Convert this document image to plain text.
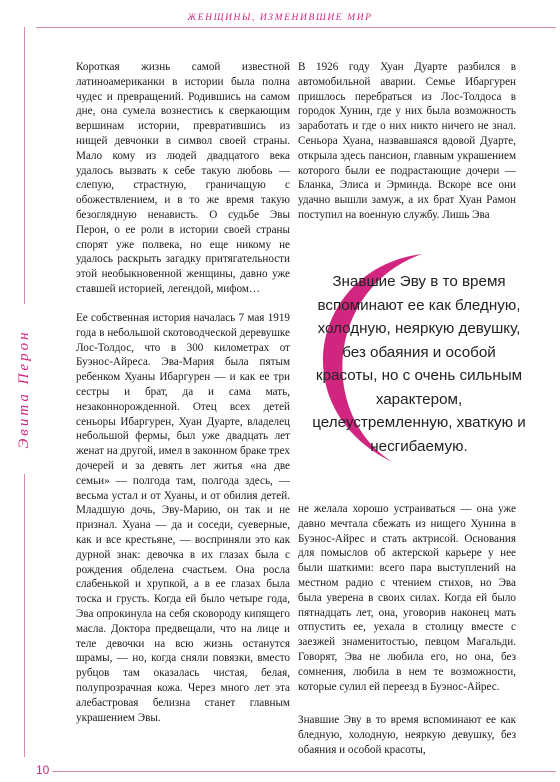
ЖЕНЩИНЫ, ИЗМЕНИВШИЕ МИР
Эвита Перон

Короткая жизнь самой известной латиноамериканки в истории была полна чудес и превращений. Родившись на самом дне, она сумела вознестись к сверкающим вершинам истории, превратившись из нищей девчонки в символ своей страны. Мало кому из людей двадцатого века удалось вызвать к себе такую любовь — слепую, страстную, граничащую с обожествлением, и в то же время такую безоглядную ненависть. О судьбе Эвы Перон, о ее роли в истории своей страны спорят уже полвека, но еще никому не удалось раскрыть загадку притягательности этой необыкновенной женщины, давно уже ставшей историей, легендой, мифом…

Ее собственная история началась 7 мая 1919 года в небольшой скотоводческой деревушке Лос-Толдос, что в 300 километрах от Буэнос-Айреса. Эва-Мария была пятым ребенком Хуаны Ибаргурен — и как ее три сестры и брат, да и сама мать, незаконнорожденной. Отец всех детей сеньоры Ибаргурен, Хуан Дуарте, владелец небольшой фермы, был уже двадцать лет женат на другой, имел в законном браке трех дочерей и за девять лет житья «на две семьи» — полгода там, полгода здесь, — весьма устал и от Хуаны, и от обилия детей. Младшую дочь, Эву-Марию, он так и не признал. Хуана — да и соседи, суеверные, как и все крестьяне, — восприняли это как дурной знак: девочка в их глазах была с рождения обделена счастьем. Она росла слабенькой и хрупкой, а в ее глазах была тоска и грусть. Когда ей было четыре года, Эва опрокинула на себя сковороду кипящего масла. Доктора предвещали, что на лице и теле девочки на всю жизнь останутся шрамы, — но, когда сняли повязки, вместо рубцов там оказалась чистая, белая, полупрозрачная кожа. Через много лет эта алебастровая белизна станет главным украшением Эвы.

В 1926 году Хуан Дуарте разбился в автомобильной аварии. Семье Ибаргурен пришлось перебраться из Лос-Толдоса в городок Хунин, где у них была возможность заработать и где о них никто ничего не знал. Сеньора Хуана, назвавшаяся вдовой Дуарте, открыла здесь пансион, главным украшением которого были ее подрастающие дочери — Бланка, Элиса и Эрминда. Вскоре все они удачно вышли замуж, а их брат Хуан Рамон поступил на военную службу. Лишь Эва

Знавшие Эву в то время вспоминают ее как бледную, холодную, неяркую девушку, без обаяния и особой красоты, но с очень сильным характером, целеустремленную, хваткую и несгибаемую.

не желала хорошо устраиваться — она уже давно мечтала сбежать из нищего Хунина в Буэнос-Айрес и стать актрисой. Основания для помыслов об актерской карьере у нее были шаткими: всего пара выступлений на местном радио с чтением стихов, но Эва была уверена в своих силах. Когда ей было пятнадцать лет, она, уговорив наконец мать отпустить ее, уехала в столицу вместе с заезжей знаменитостью, певцом Магальди. Говорят, Эва не любила его, но она, без сомнения, любила в нем те возможности, которые сулил ей переезд в Буэнос-Айрес.

Знавшие Эву в то время вспоминают ее как бледную, холодную, неяркую девушку, без обаяния и особой красоты,

10
